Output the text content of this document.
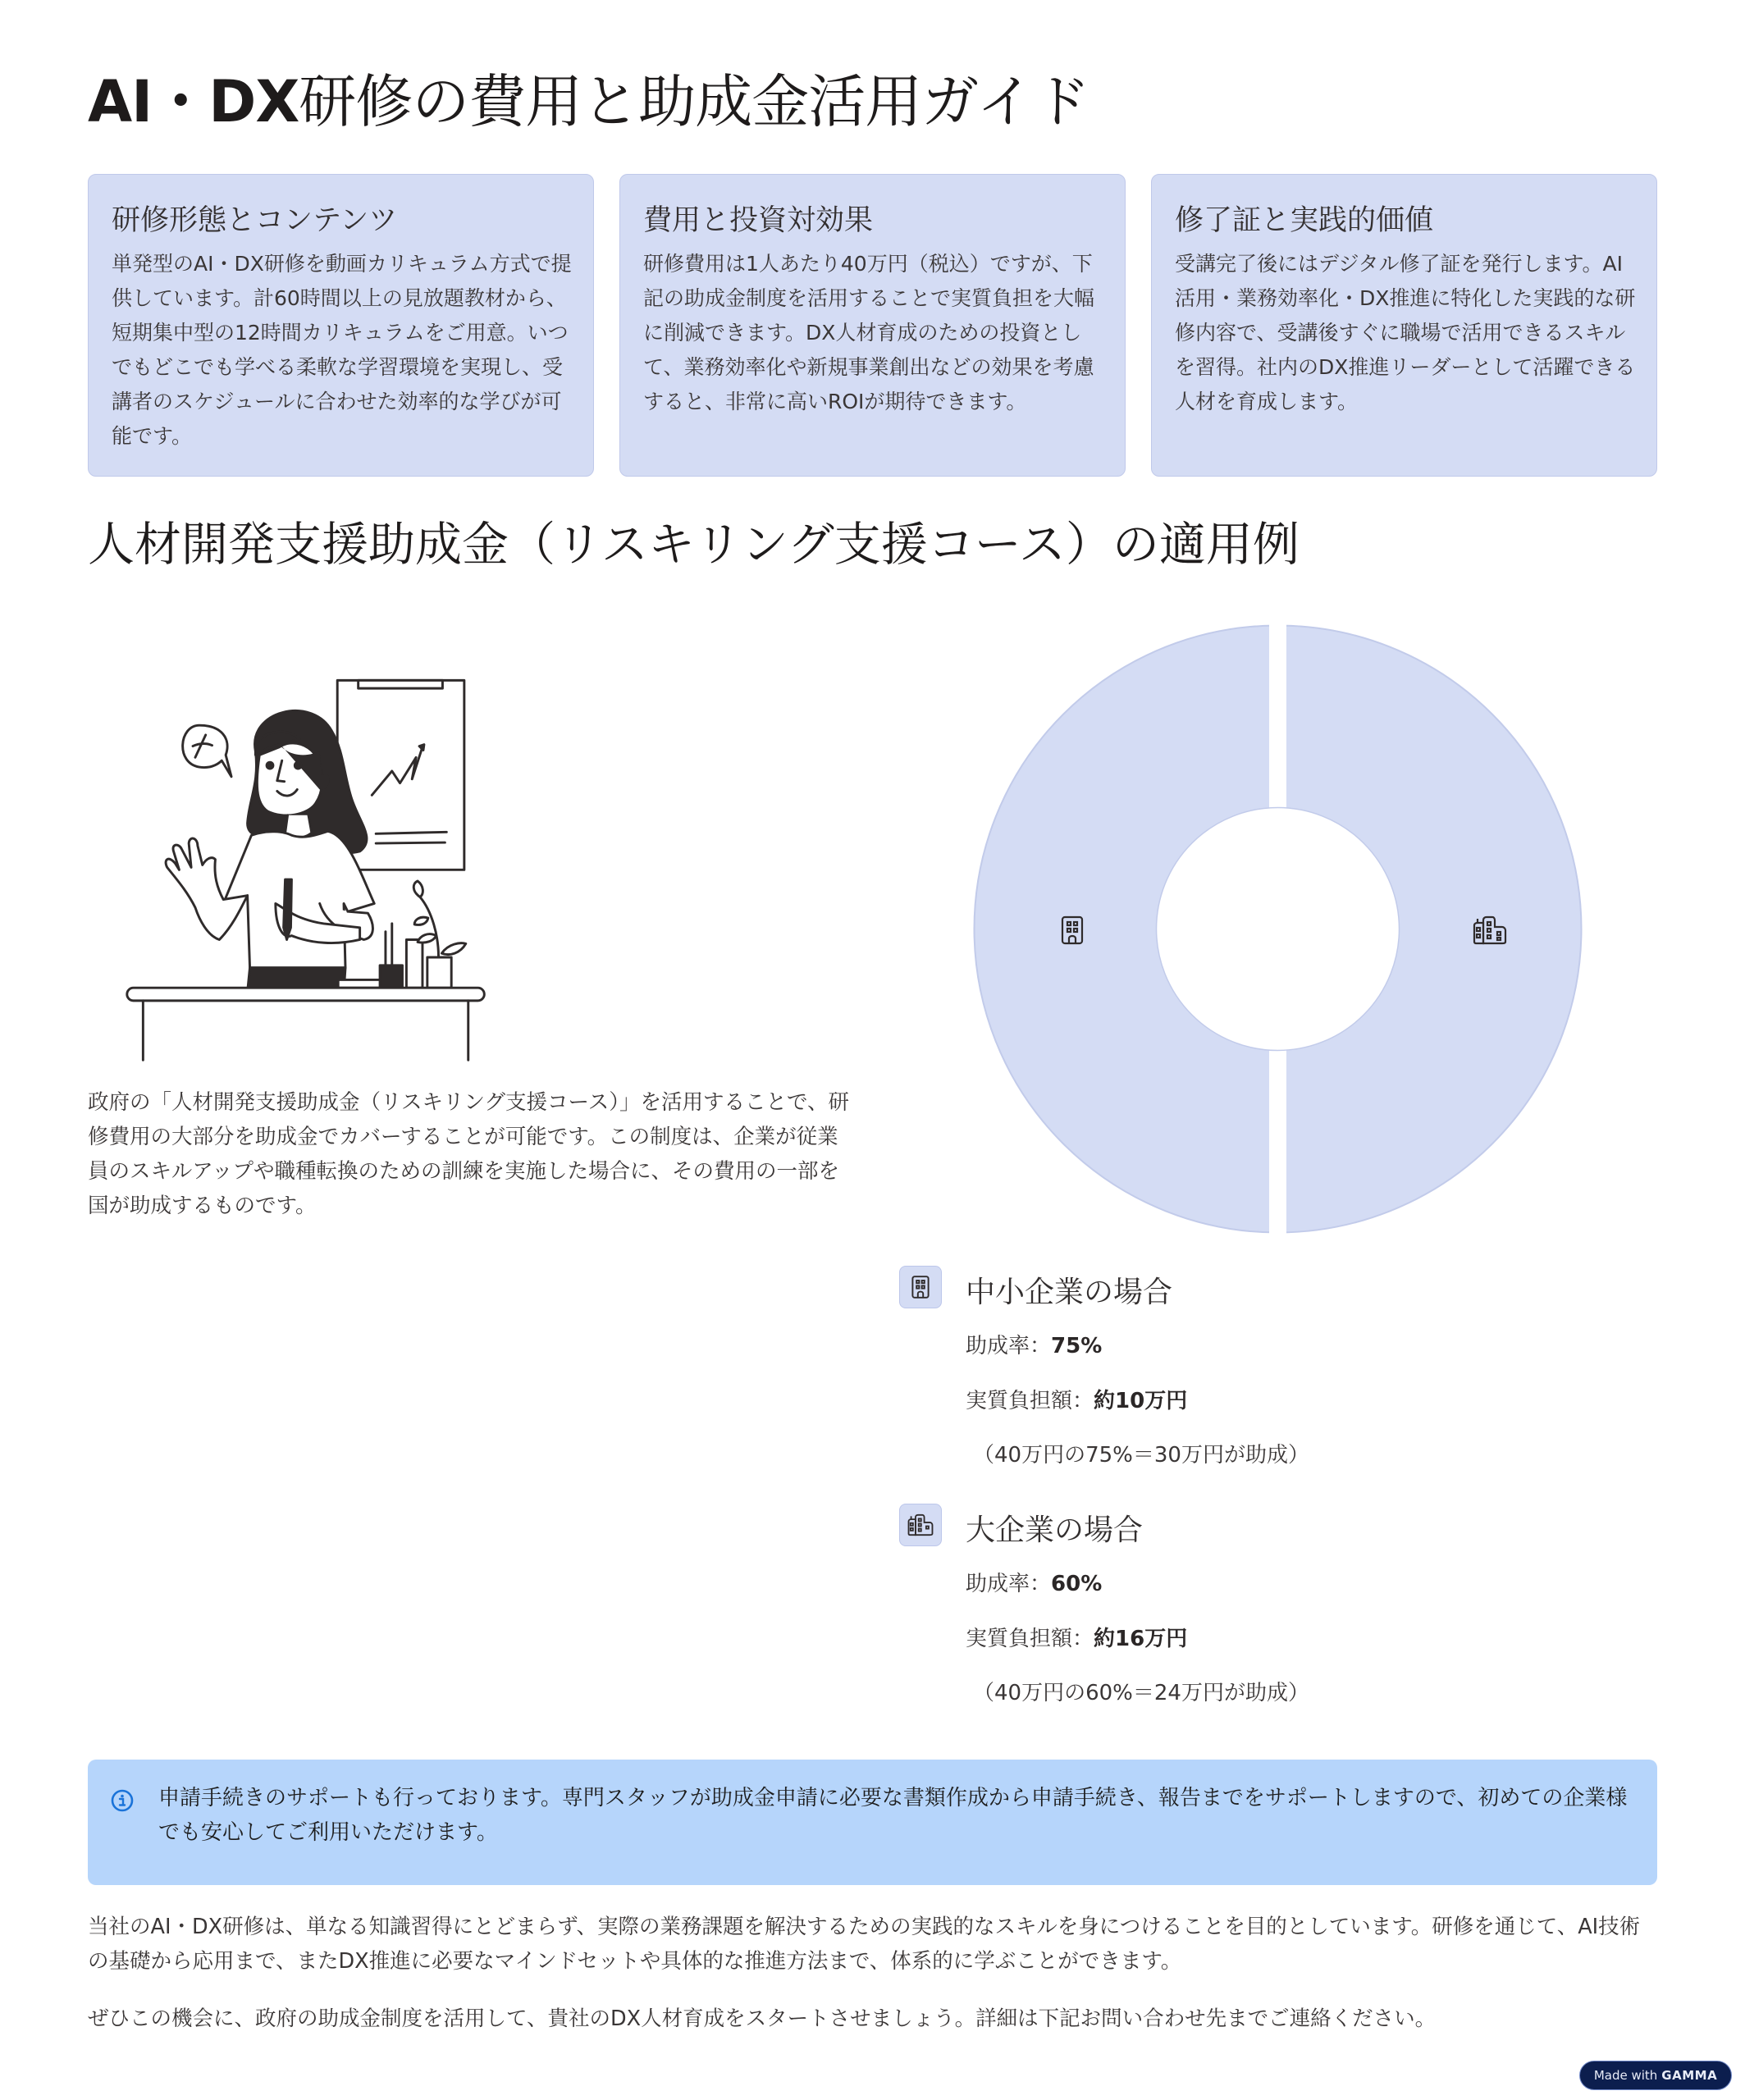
AI・DX研修の費用と助成金活用ガイド
研修形態とコンテンツ

単発型のAI・DX研修を動画カリキュラム方式で提供しています。計60時間以上の見放題教材から、短期集中型の12時間カリキュラムをご用意。いつでもどこでも学べる柔軟な学習環境を実現し、受講者のスケジュールに合わせた効率的な学びが可能です。

費用と投資対効果

研修費用は1人あたり40万円（税込）ですが、下記の助成金制度を活用することで実質負担を大幅に削減できます。DX人材育成のための投資として、業務効率化や新規事業創出などの効果を考慮すると、非常に高いROIが期待できます。

修了証と実践的価値

受講完了後にはデジタル修了証を発行します。AI活用・業務効率化・DX推進に特化した実践的な研修内容で、受講後すぐに職場で活用できるスキルを習得。社内のDX推進リーダーとして活躍できる人材を育成します。

人材開発支援助成金（リスキリング支援コース）の適用例
政府の「人材開発支援助成金（リスキリング支援コース）」を活用することで、研修費用の大部分を助成金でカバーすることが可能です。この制度は、企業が従業員のスキルアップや職種転換のための訓練を実施した場合に、その費用の一部を国が助成するものです。
中小企業の場合
助成率：75%
実質負担額：約10万円
（40万円の75%＝30万円が助成）
大企業の場合
助成率：60%
実質負担額：約16万円
（40万円の60%＝24万円が助成）
申請手続きのサポートも行っております。専門スタッフが助成金申請に必要な書類作成から申請手続き、報告までをサポートしますので、初めての企業様でも安心してご利用いただけます。
当社のAI・DX研修は、単なる知識習得にとどまらず、実際の業務課題を解決するための実践的なスキルを身につけることを目的としています。研修を通じて、AI技術の基礎から応用まで、またDX推進に必要なマインドセットや具体的な推進方法まで、体系的に学ぶことができます。
ぜひこの機会に、政府の助成金制度を活用して、貴社のDX人材育成をスタートさせましょう。詳細は下記お問い合わせ先までご連絡ください。
Made with GAMMA
